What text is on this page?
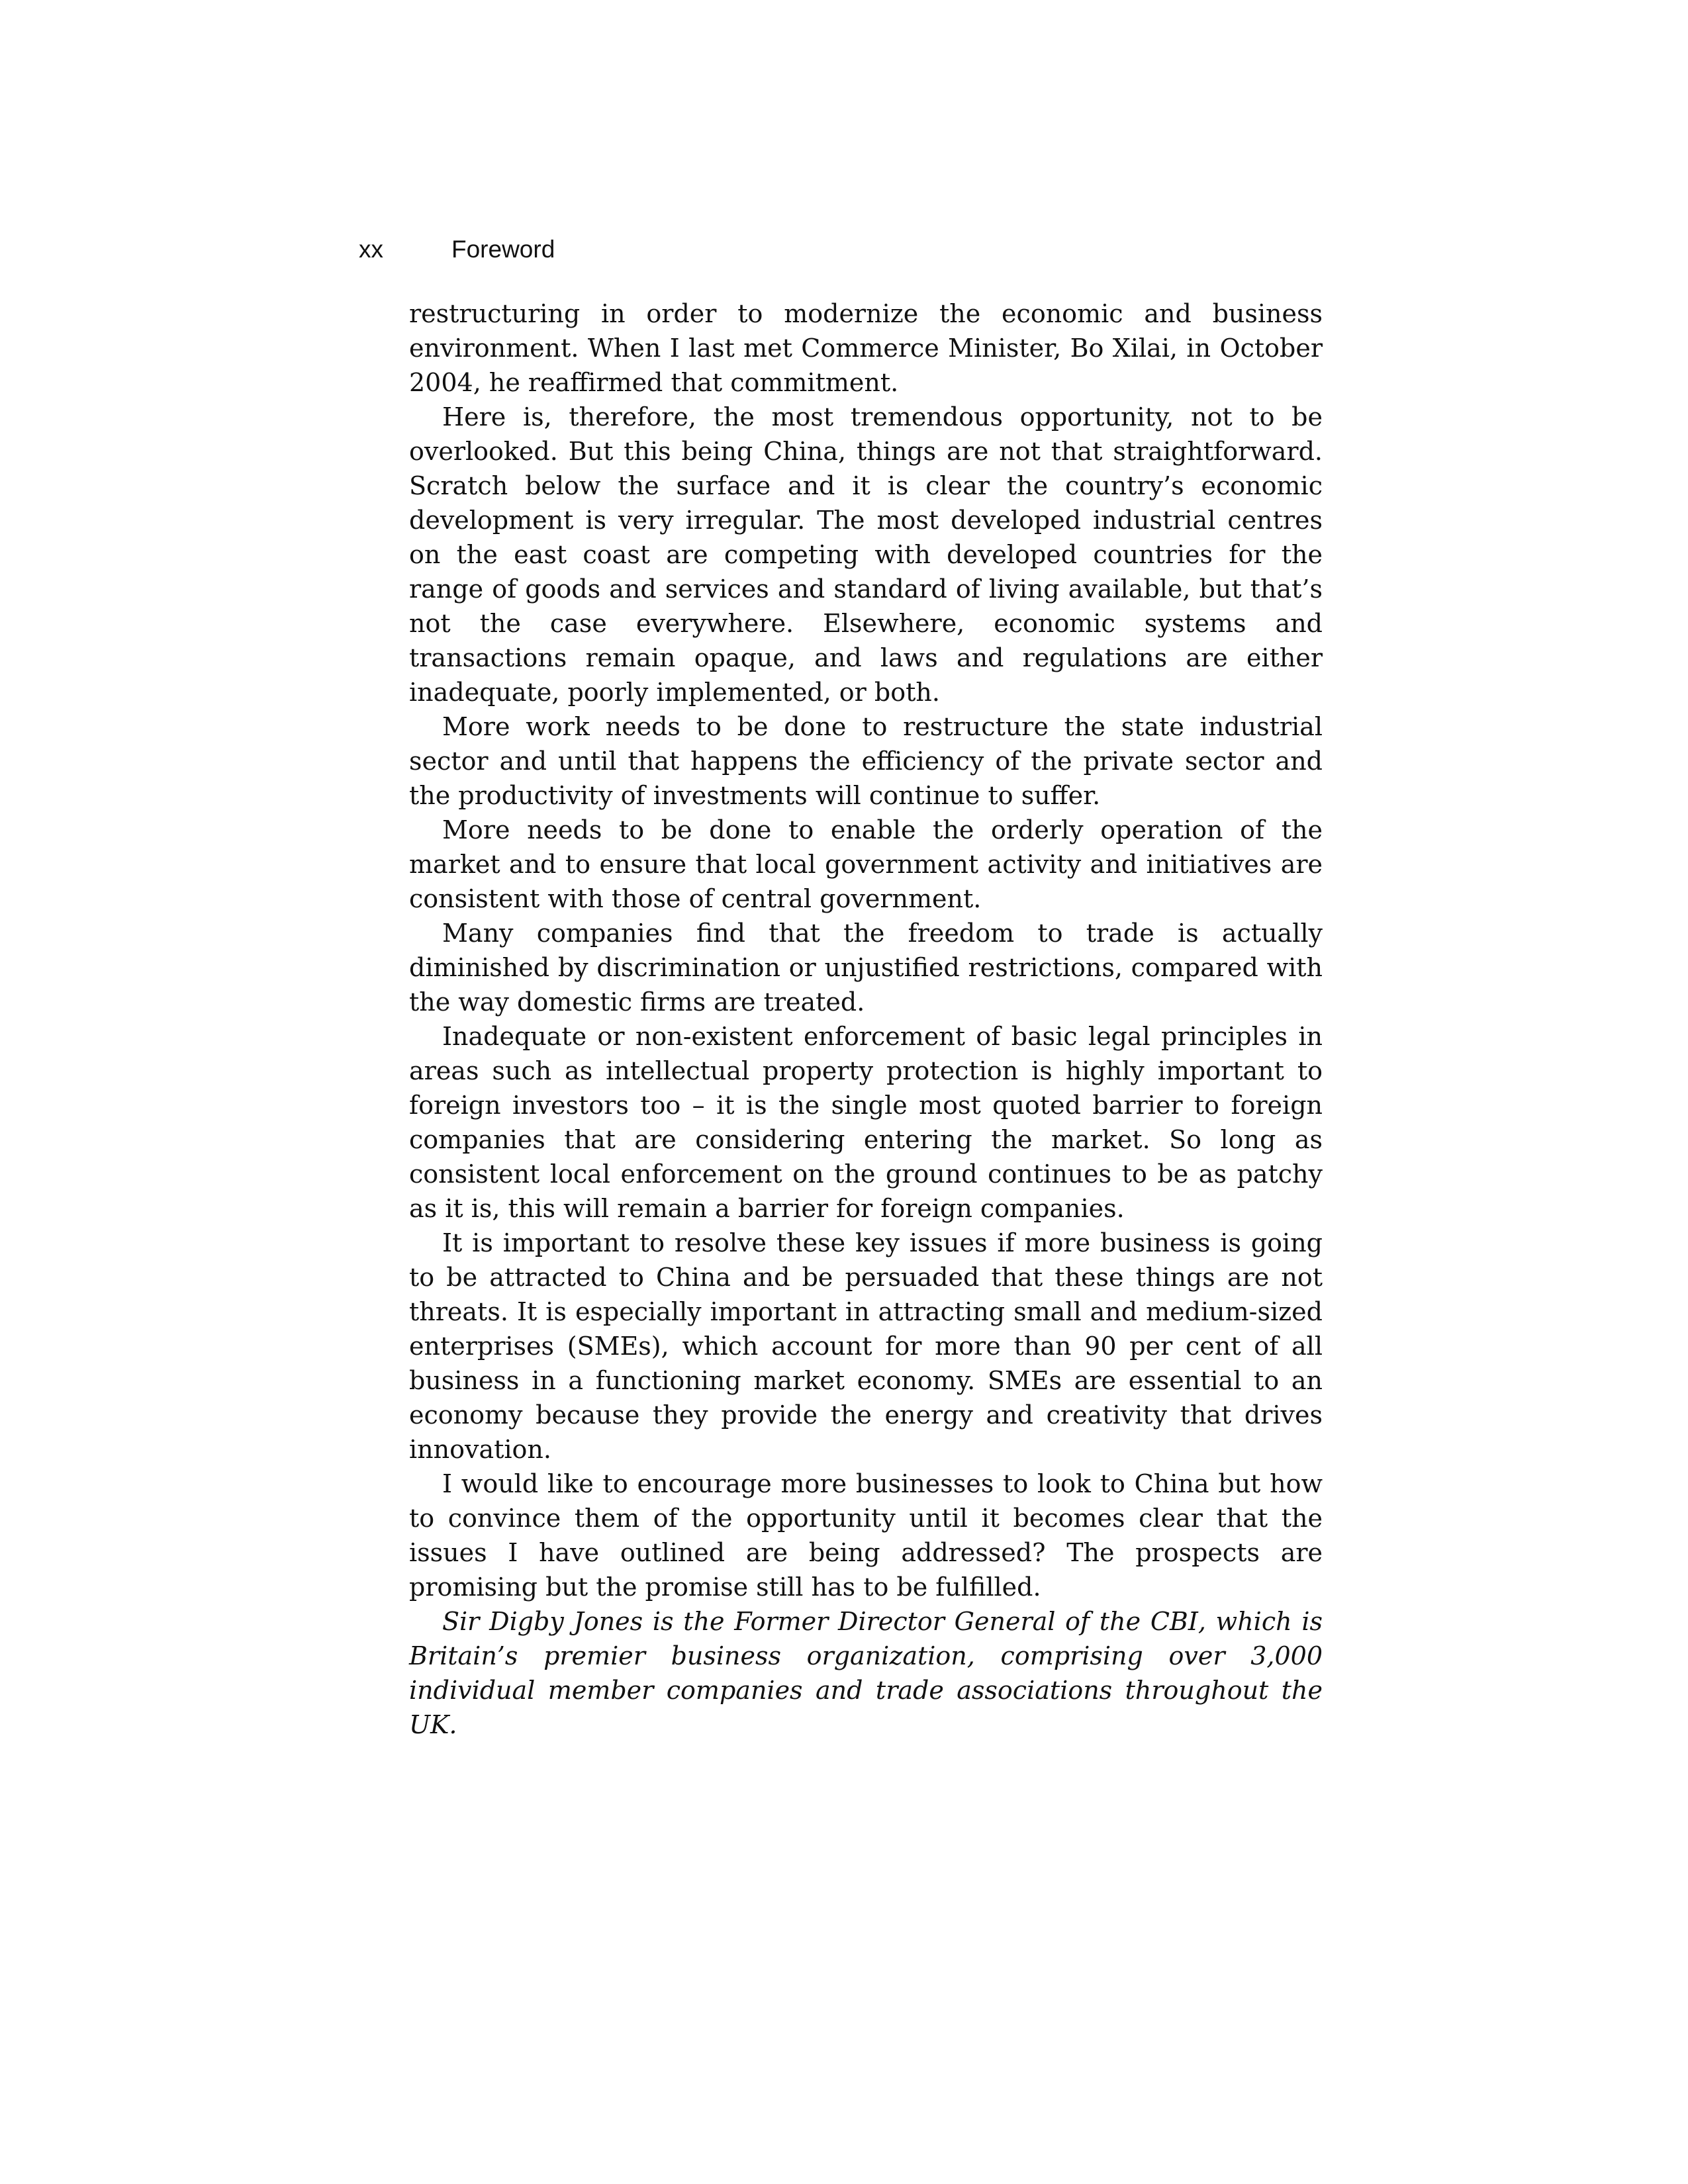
xx	Foreword

restructuring in order to modernize the economic and business environment. When I last met Commerce Minister, Bo Xilai, in October 2004, he reaffirmed that commitment.

Here is, therefore, the most tremendous opportunity, not to be overlooked. But this being China, things are not that straightforward. Scratch below the surface and it is clear the country’s economic development is very irregular. The most developed industrial centres on the east coast are competing with developed countries for the range of goods and services and standard of living available, but that’s not the case everywhere. Elsewhere, economic systems and transactions remain opaque, and laws and regulations are either inadequate, poorly implemented, or both.

More work needs to be done to restructure the state industrial sector and until that happens the efficiency of the private sector and the productivity of investments will continue to suffer.

More needs to be done to enable the orderly operation of the market and to ensure that local government activity and initiatives are consistent with those of central government.

Many companies find that the freedom to trade is actually diminished by discrimination or unjustified restrictions, compared with the way domestic firms are treated.

Inadequate or non-existent enforcement of basic legal principles in areas such as intellectual property protection is highly important to foreign investors too – it is the single most quoted barrier to foreign companies that are considering entering the market. So long as consistent local enforcement on the ground continues to be as patchy as it is, this will remain a barrier for foreign companies.

It is important to resolve these key issues if more business is going to be attracted to China and be persuaded that these things are not threats. It is especially important in attracting small and medium-sized enterprises (SMEs), which account for more than 90 per cent of all business in a functioning market economy. SMEs are essential to an economy because they provide the energy and creativity that drives innovation.

I would like to encourage more businesses to look to China but how to convince them of the opportunity until it becomes clear that the issues I have outlined are being addressed? The prospects are promising but the promise still has to be fulfilled.

Sir Digby Jones is the Former Director General of the CBI, which is Britain’s premier business organization, comprising over 3,000 individual member companies and trade associations throughout the UK.
